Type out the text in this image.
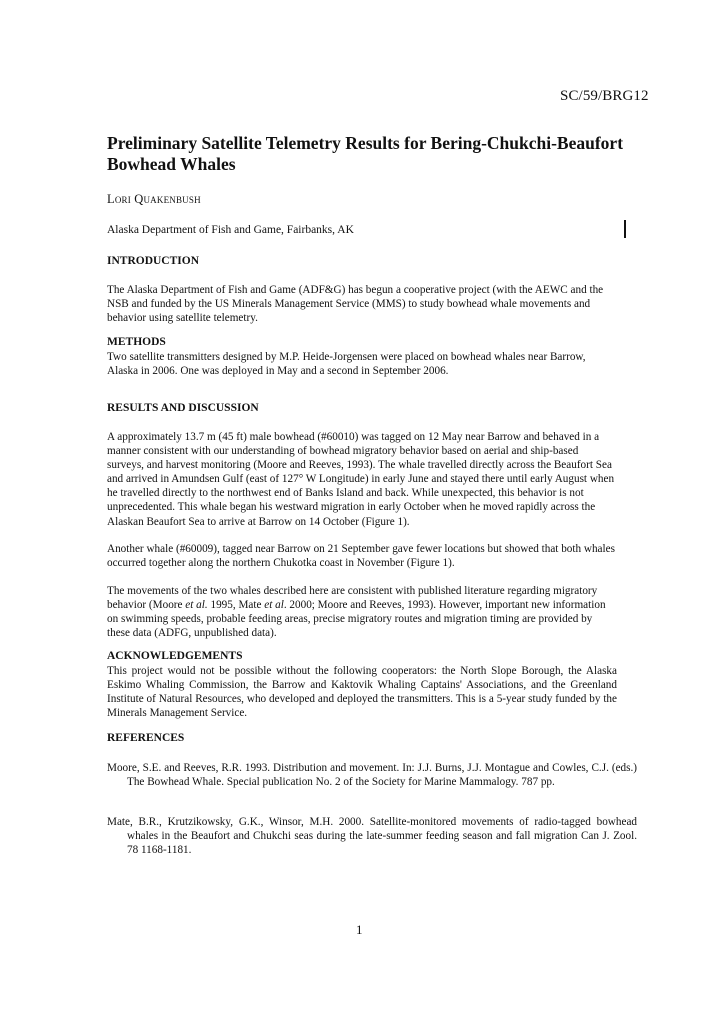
SC/59/BRG12
Preliminary Satellite Telemetry Results for Bering-Chukchi-Beaufort Bowhead Whales
Lori Quakenbush
Alaska Department of Fish and Game, Fairbanks, AK
INTRODUCTION

The Alaska Department of Fish and Game (ADF&G) has begun a cooperative project (with the AEWC and the NSB and funded by the US Minerals Management Service (MMS) to study bowhead whale movements and behavior using satellite telemetry.

METHODS

Two satellite transmitters designed by M.P. Heide-Jorgensen were placed on bowhead whales near Barrow, Alaska in 2006. One was deployed in May and a second in September 2006.

RESULTS AND DISCUSSION

A approximately 13.7 m (45 ft) male bowhead (#60010) was tagged on 12 May near Barrow and behaved in a manner consistent with our understanding of bowhead migratory behavior based on aerial and ship-based surveys, and harvest monitoring (Moore and Reeves, 1993). The whale travelled directly across the Beaufort Sea and arrived in Amundsen Gulf (east of 127° W Longitude) in early June and stayed there until early August when he travelled directly to the northwest end of Banks Island and back. While unexpected, this behavior is not unprecedented. This whale began his westward migration in early October when he moved rapidly across the Alaskan Beaufort Sea to arrive at Barrow on 14 October (Figure 1).

Another whale (#60009), tagged near Barrow on 21 September gave fewer locations but showed that both whales occurred together along the northern Chukotka coast in November (Figure 1).

The movements of the two whales described here are consistent with published literature regarding migratory behavior (Moore et al. 1995, Mate et al. 2000; Moore and Reeves, 1993). However, important new information on swimming speeds, probable feeding areas, precise migratory routes and migration timing are provided by these data (ADFG, unpublished data).

ACKNOWLEDGEMENTS

This project would not be possible without the following cooperators: the North Slope Borough, the Alaska Eskimo Whaling Commission, the Barrow and Kaktovik Whaling Captains' Associations, and the Greenland Institute of Natural Resources, who developed and deployed the transmitters. This is a 5-year study funded by the Minerals Management Service.

REFERENCES

Moore, S.E. and Reeves, R.R. 1993. Distribution and movement. In: J.J. Burns, J.J. Montague and Cowles, C.J. (eds.) The Bowhead Whale. Special publication No. 2 of the Society for Marine Mammalogy. 787 pp.

Mate, B.R., Krutzikowsky, G.K., Winsor, M.H. 2000. Satellite-monitored movements of radio-tagged bowhead whales in the Beaufort and Chukchi seas during the late-summer feeding season and fall migration Can J. Zool. 78 1168-1181.

1
